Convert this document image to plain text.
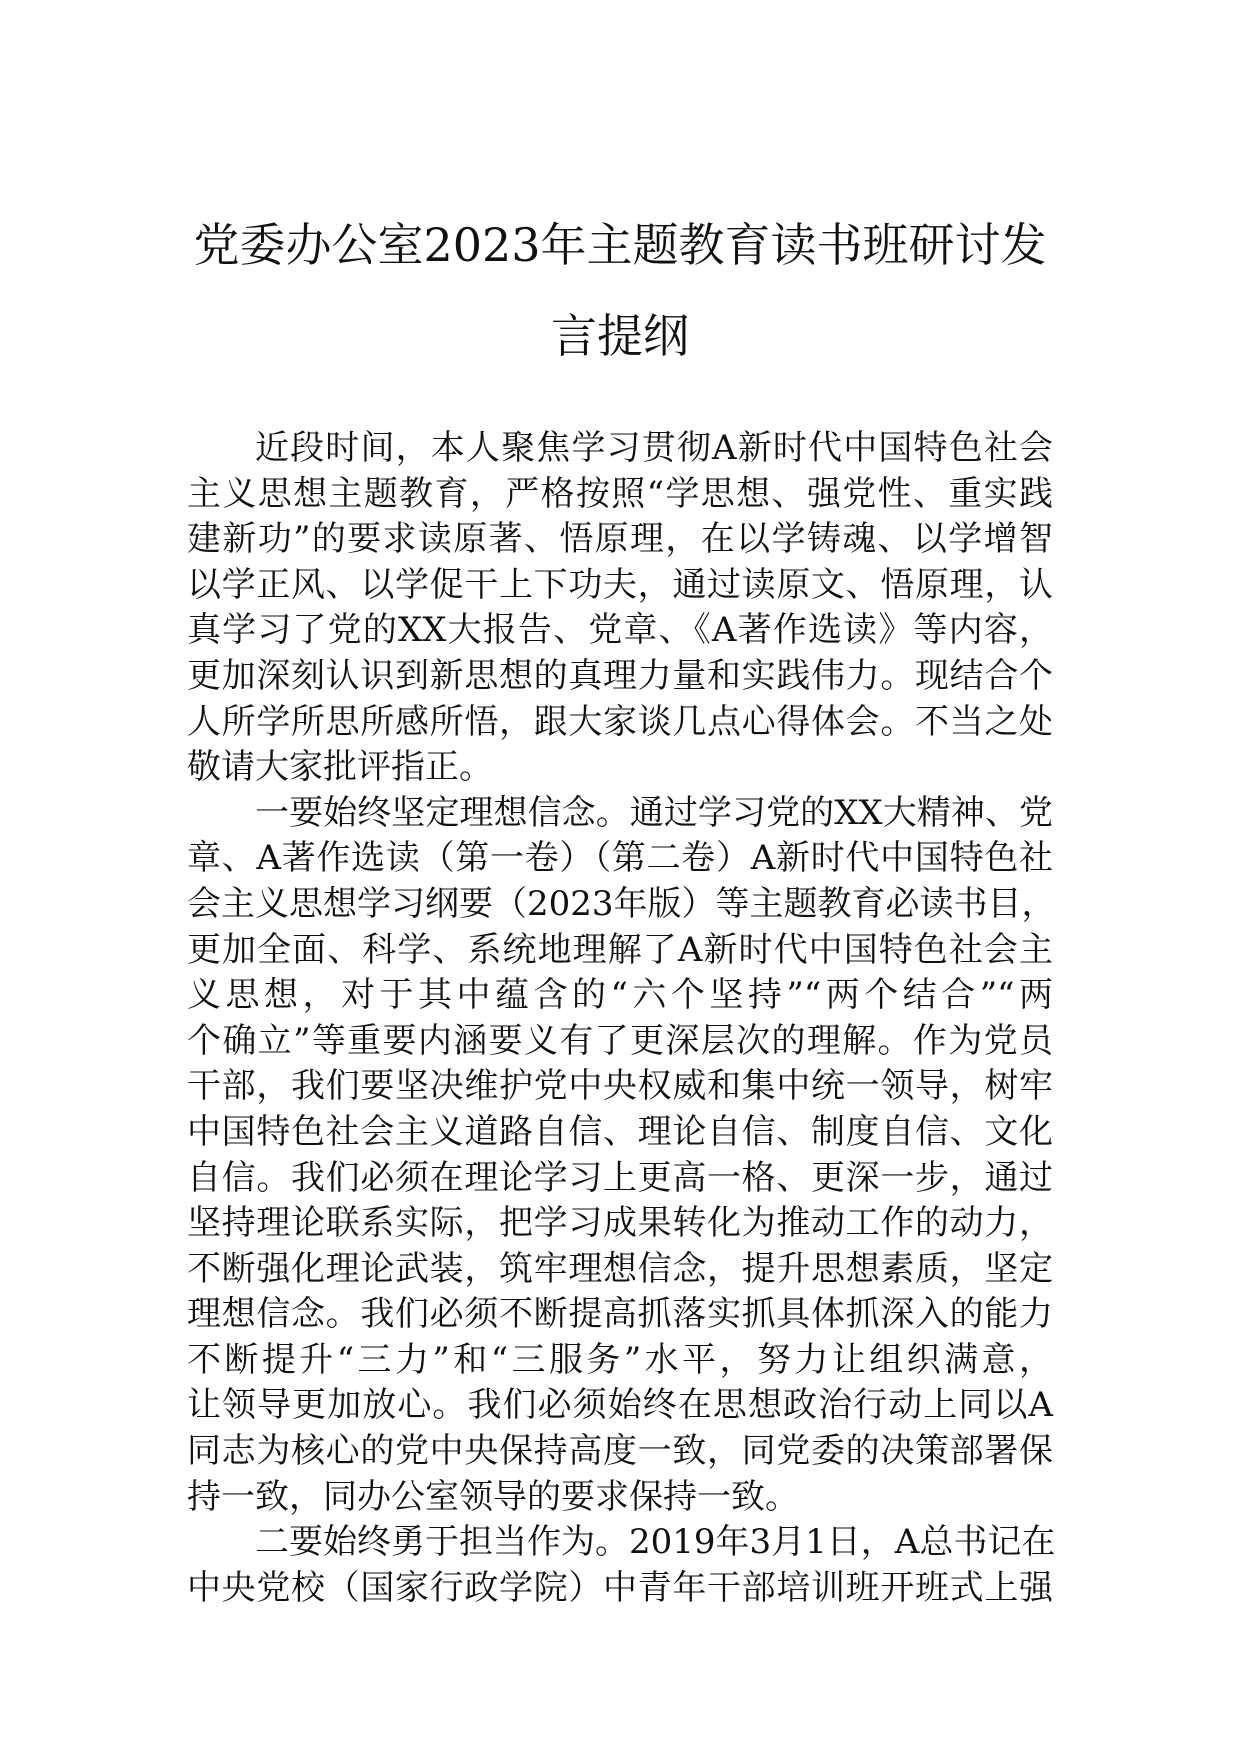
党委办公室2023年主题教育读书班研讨发
言提纲
近段时间，本人聚焦学习贯彻A新时代中国特色社会
主义思想主题教育，严格按照“学思想、强党性、重实践
建新功”的要求读原著、悟原理，在以学铸魂、以学增智
以学正风、以学促干上下功夫，通过读原文、悟原理，认
真学习了党的XX大报告、党章、《A著作选读》等内容，
更加深刻认识到新思想的真理力量和实践伟力。现结合个
人所学所思所感所悟，跟大家谈几点心得体会。不当之处
敬请大家批评指正。
一要始终坚定理想信念。通过学习党的XX大精神、党
章、A著作选读（第一卷）（第二卷）A新时代中国特色社
会主义思想学习纲要（2023年版）等主题教育必读书目，
更加全面、科学、系统地理解了A新时代中国特色社会主
义思想，对于其中蕴含的“六个坚持”“两个结合”“两
个确立”等重要内涵要义有了更深层次的理解。作为党员
干部，我们要坚决维护党中央权威和集中统一领导，树牢
中国特色社会主义道路自信、理论自信、制度自信、文化
自信。我们必须在理论学习上更高一格、更深一步，通过
坚持理论联系实际，把学习成果转化为推动工作的动力，
不断强化理论武装，筑牢理想信念，提升思想素质，坚定
理想信念。我们必须不断提高抓落实抓具体抓深入的能力
不断提升“三力”和“三服务”水平，努力让组织满意，
让领导更加放心。我们必须始终在思想政治行动上同以A
同志为核心的党中央保持高度一致，同党委的决策部署保
持一致，同办公室领导的要求保持一致。
二要始终勇于担当作为。2019年3月1日，A总书记在
中央党校（国家行政学院）中青年干部培训班开班式上强
